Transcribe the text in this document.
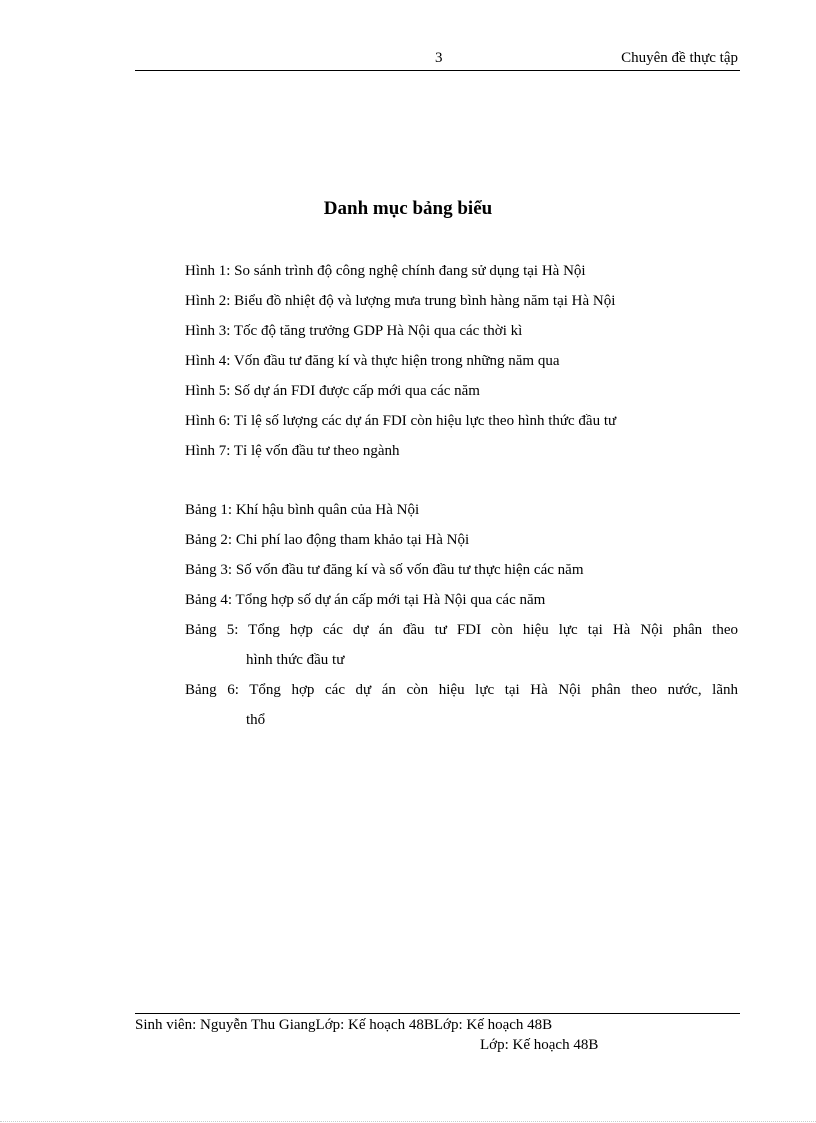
3	Chuyên đề thực tập
Danh mục bảng biểu
Hình 1: So sánh trình độ công nghệ chính đang sử dụng tại Hà Nội
Hình 2: Biểu đồ nhiệt độ và lượng mưa trung bình hàng năm tại Hà Nội
Hình 3: Tốc độ tăng trưởng GDP Hà Nội qua các thời kì
Hình 4: Vốn đầu tư đăng kí và thực hiện trong những năm qua
Hình 5: Số dự án FDI được cấp mới qua các năm
Hình 6: Tỉ lệ số lượng các dự án FDI còn hiệu lực theo hình thức đầu tư
Hình 7: Tỉ lệ vốn đầu tư theo ngành
Bảng 1: Khí hậu bình quân của Hà Nội
Bảng 2: Chi phí lao động tham khảo tại Hà Nội
Bảng 3: Số vốn đầu tư đăng kí và số vốn đầu tư thực hiện các năm
Bảng 4: Tổng hợp số dự án cấp mới tại Hà Nội qua các năm
Bảng 5: Tổng hợp các dự án đầu tư FDI còn hiệu lực tại Hà Nội phân theo
hình thức đầu tư
Bảng 6: Tổng hợp các dự án còn hiệu lực tại Hà Nội phân theo nước, lãnh
thổ
Sinh viên: Nguyễn Thu GiangLớp: Kế hoạch 48BLớp: Kế hoạch 48B
Lớp: Kế hoạch 48B
